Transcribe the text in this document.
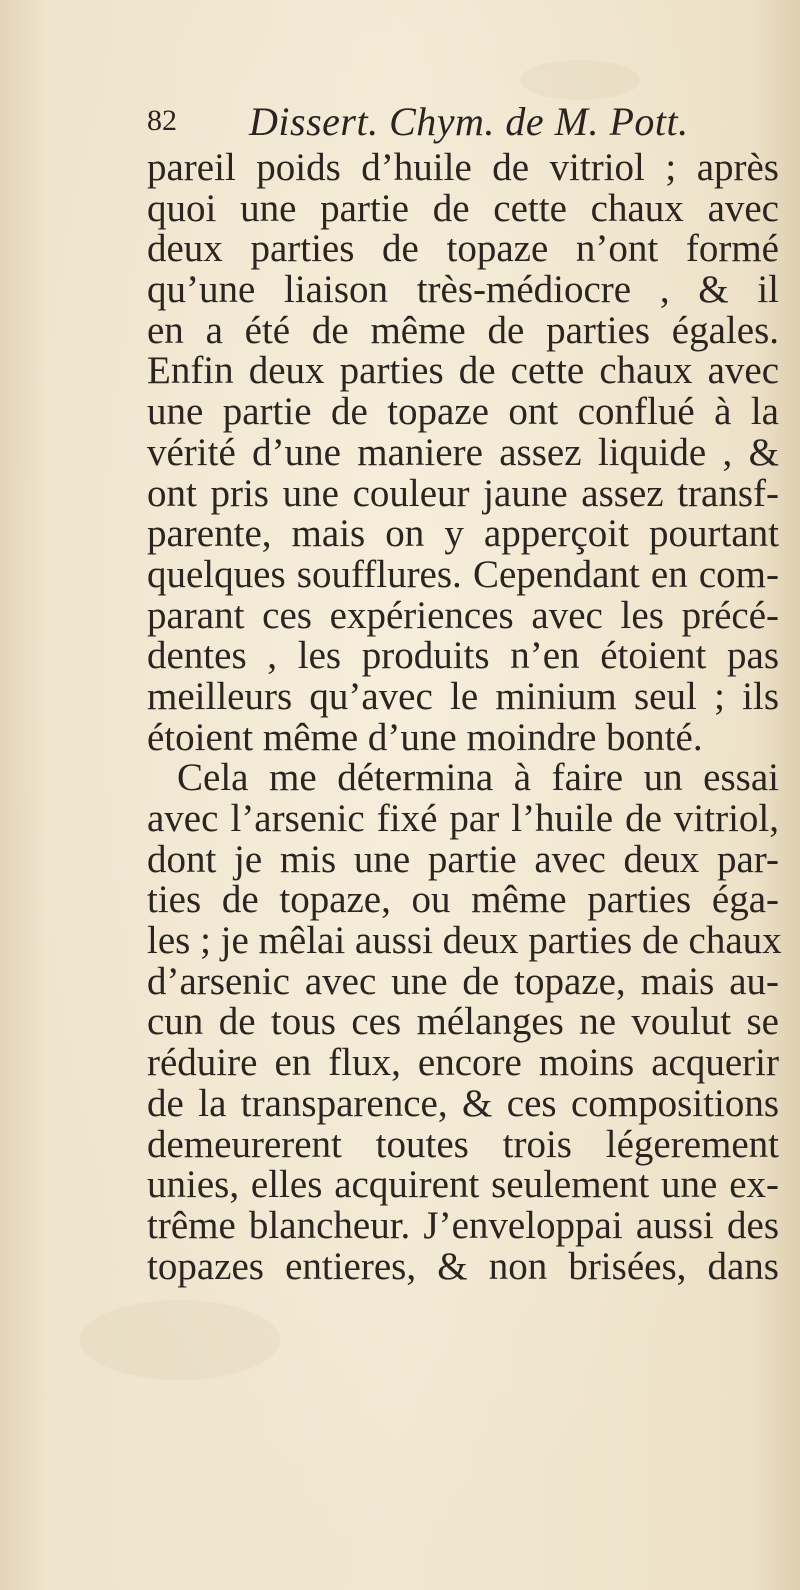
82 Dissert. Chym. de M. Pott.
pareil poids d’huile de vitriol ; après
quoi une partie de cette chaux avec
deux parties de topaze n’ont formé
qu’une liaison très-médiocre , & il
en a été de même de parties égales.
Enfin deux parties de cette chaux avec
une partie de topaze ont conflué à la
vérité d’une maniere assez liquide , &
ont pris une couleur jaune assez transf-
parente, mais on y apperçoit pourtant
quelques soufflures. Cependant en com-
parant ces expériences avec les précé-
dentes , les produits n’en étoient pas
meilleurs qu’avec le minium seul ; ils
étoient même d’une moindre bonté.
Cela me détermina à faire un essai
avec l’arsenic fixé par l’huile de vitriol,
dont je mis une partie avec deux par-
ties de topaze, ou même parties éga-
les ; je mêlai aussi deux parties de chaux
d’arsenic avec une de topaze, mais au-
cun de tous ces mélanges ne voulut se
réduire en flux, encore moins acquerir
de la transparence, & ces compositions
demeurerent toutes trois légerement
unies, elles acquirent seulement une ex-
trême blancheur. J’enveloppai aussi des
topazes entieres, & non brisées, dans
